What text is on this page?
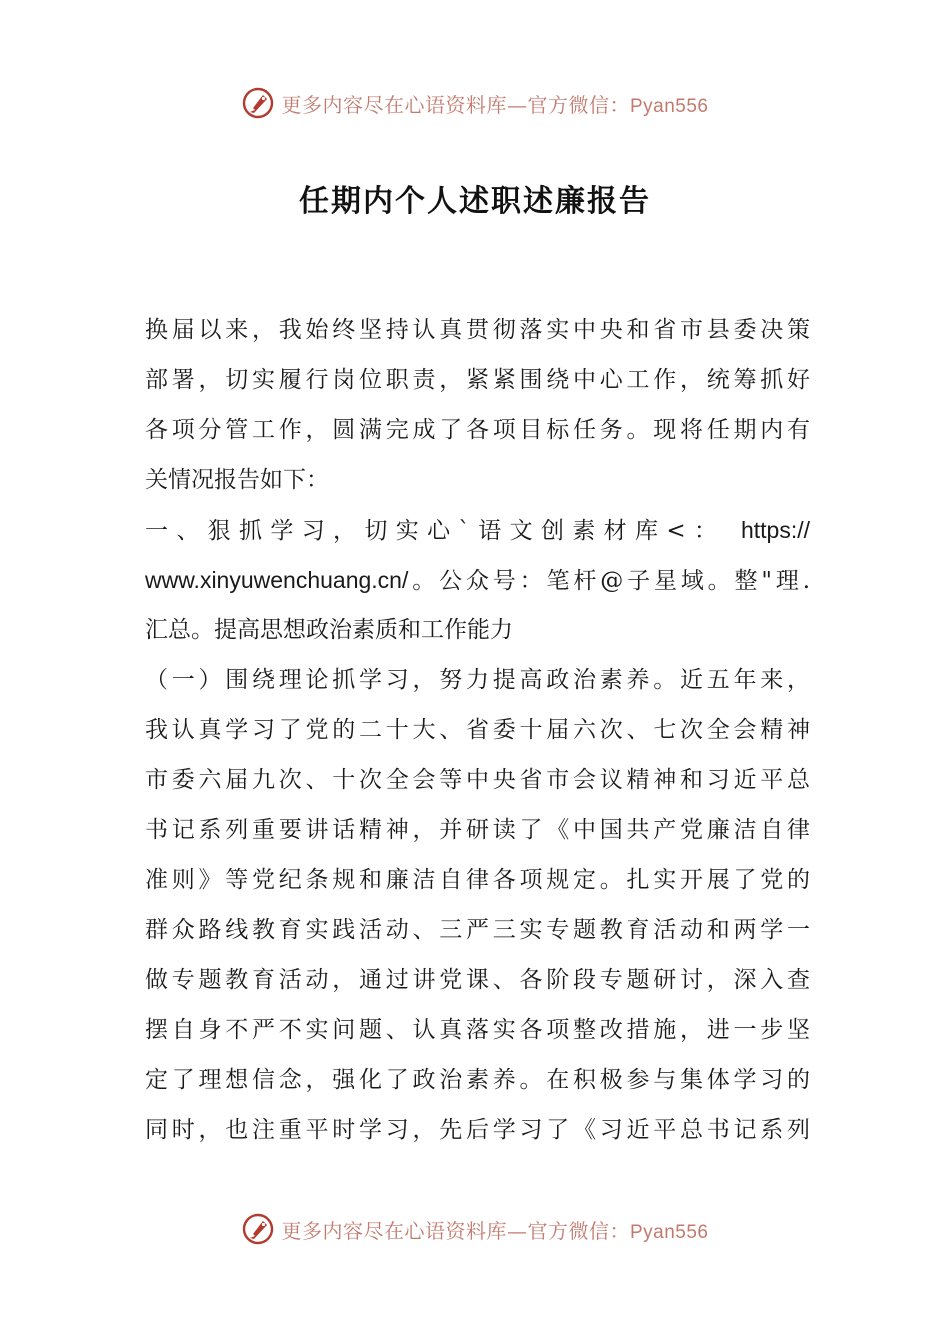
更多内容尽在心语资料库—官方微信：Pyan556
任期内个人述职述廉报告
换届以来，我始终坚持认真贯彻落实中央和省市县委决策
部署，切实履行岗位职责，紧紧围绕中心工作，统筹抓好
各项分管工作，圆满完成了各项目标任务。现将任期内有
关情况报告如下：
一、狠抓学习，切实心`语文创素材库<： https://
www.xinyuwenchuang.cn/。公众号：笔杆@子星域。整"理.
汇总。提高思想政治素质和工作能力
（一）围绕理论抓学习，努力提高政治素养。近五年来，
我认真学习了党的二十大、省委十届六次、七次全会精神
市委六届九次、十次全会等中央省市会议精神和习近平总
书记系列重要讲话精神，并研读了《中国共产党廉洁自律
准则》等党纪条规和廉洁自律各项规定。扎实开展了党的
群众路线教育实践活动、三严三实专题教育活动和两学一
做专题教育活动，通过讲党课、各阶段专题研讨，深入查
摆自身不严不实问题、认真落实各项整改措施，进一步坚
定了理想信念，强化了政治素养。在积极参与集体学习的
同时，也注重平时学习，先后学习了《习近平总书记系列
更多内容尽在心语资料库—官方微信：Pyan556
